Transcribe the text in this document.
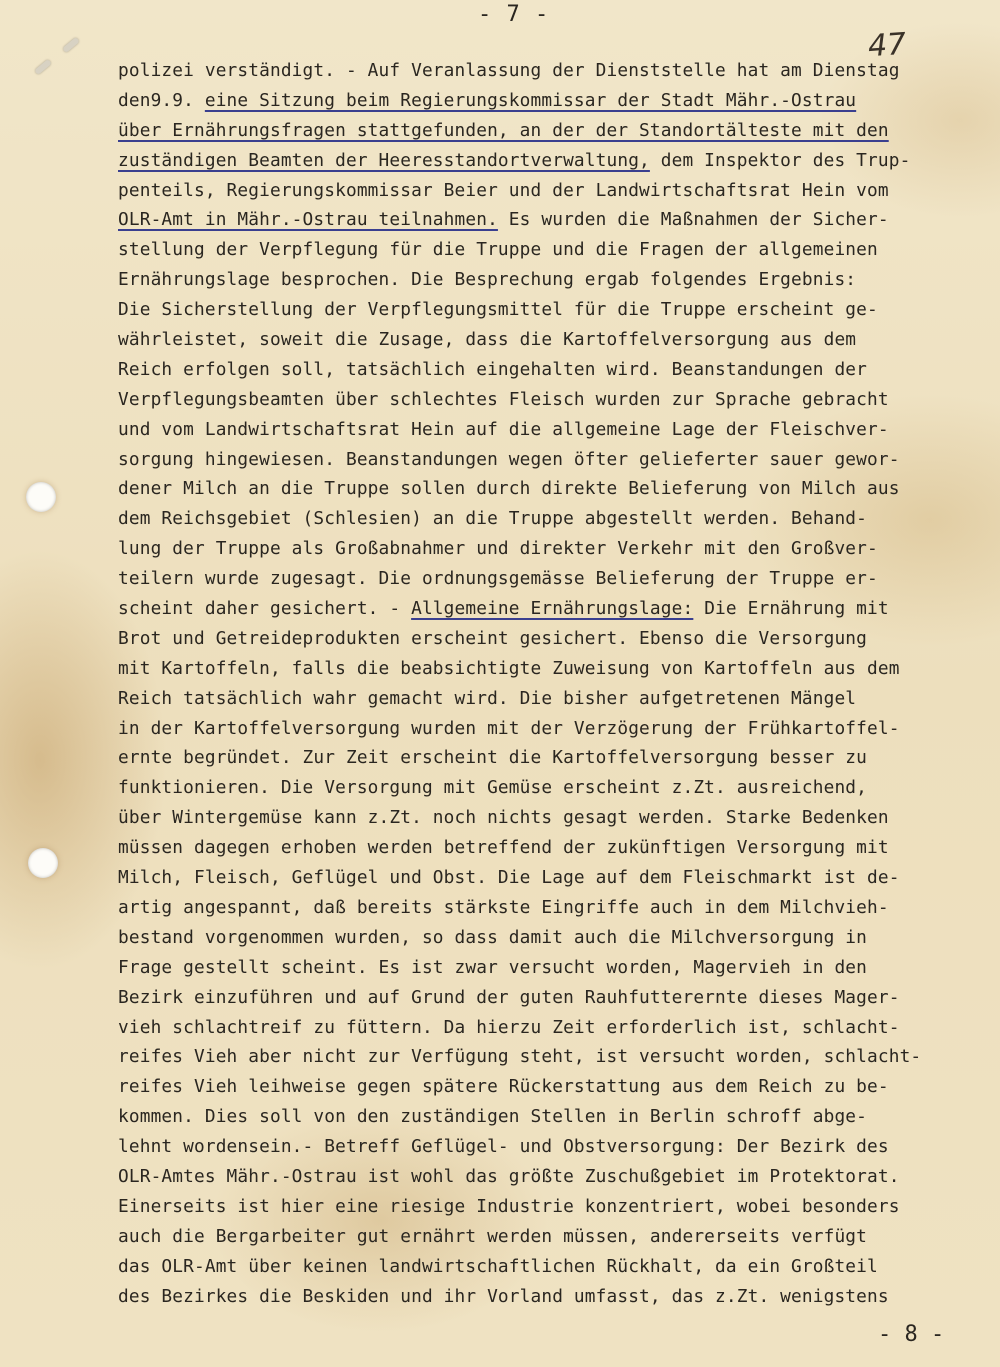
- 7 -
47
polizei verständigt. - Auf Veranlassung der Dienststelle hat am Dienstag
den9.9. eine Sitzung beim Regierungskommissar der Stadt Mähr.-Ostrau
über Ernährungsfragen stattgefunden, an der der Standortälteste mit den
zuständigen Beamten der Heeresstandortverwaltung, dem Inspektor des Trup-
penteils, Regierungskommissar Beier und der Landwirtschaftsrat Hein vom
OLR-Amt in Mähr.-Ostrau teilnahmen. Es wurden die Maßnahmen der Sicher-
stellung der Verpflegung für die Truppe und die Fragen der allgemeinen
Ernährungslage besprochen. Die Besprechung ergab folgendes Ergebnis:
Die Sicherstellung der Verpflegungsmittel für die Truppe erscheint ge-
währleistet, soweit die Zusage, dass die Kartoffelversorgung aus dem
Reich erfolgen soll, tatsächlich eingehalten wird. Beanstandungen der
Verpflegungsbeamten über schlechtes Fleisch wurden zur Sprache gebracht
und vom Landwirtschaftsrat Hein auf die allgemeine Lage der Fleischver-
sorgung hingewiesen. Beanstandungen wegen öfter gelieferter sauer gewor-
dener Milch an die Truppe sollen durch direkte Belieferung von Milch aus
dem Reichsgebiet (Schlesien) an die Truppe abgestellt werden. Behand-
lung der Truppe als Großabnahmer und direkter Verkehr mit den Großver-
teilern wurde zugesagt. Die ordnungsgemässe Belieferung der Truppe er-
scheint daher gesichert. - Allgemeine Ernährungslage: Die Ernährung mit
Brot und Getreideprodukten erscheint gesichert. Ebenso die Versorgung
mit Kartoffeln, falls die beabsichtigte Zuweisung von Kartoffeln aus dem
Reich tatsächlich wahr gemacht wird. Die bisher aufgetretenen Mängel
in der Kartoffelversorgung wurden mit der Verzögerung der Frühkartoffel-
ernte begründet. Zur Zeit erscheint die Kartoffelversorgung besser zu
funktionieren. Die Versorgung mit Gemüse erscheint z.Zt. ausreichend,
über Wintergemüse kann z.Zt. noch nichts gesagt werden. Starke Bedenken
müssen dagegen erhoben werden betreffend der zukünftigen Versorgung mit
Milch, Fleisch, Geflügel und Obst. Die Lage auf dem Fleischmarkt ist de-
artig angespannt, daß bereits stärkste Eingriffe auch in dem Milchvieh-
bestand vorgenommen wurden, so dass damit auch die Milchversorgung in
Frage gestellt scheint. Es ist zwar versucht worden, Magervieh in den
Bezirk einzuführen und auf Grund der guten Rauhfutterernte dieses Mager-
vieh schlachtreif zu füttern. Da hierzu Zeit erforderlich ist, schlacht-
reifes Vieh aber nicht zur Verfügung steht, ist versucht worden, schlacht-
reifes Vieh leihweise gegen spätere Rückerstattung aus dem Reich zu be-
kommen. Dies soll von den zuständigen Stellen in Berlin schroff abge-
lehnt wordensein.- Betreff Geflügel- und Obstversorgung: Der Bezirk des
OLR-Amtes Mähr.-Ostrau ist wohl das größte Zuschußgebiet im Protektorat.
Einerseits ist hier eine riesige Industrie konzentriert, wobei besonders
auch die Bergarbeiter gut ernährt werden müssen, andererseits verfügt
das OLR-Amt über keinen landwirtschaftlichen Rückhalt, da ein Großteil
des Bezirkes die Beskiden und ihr Vorland umfasst, das z.Zt. wenigstens
- 8 -
